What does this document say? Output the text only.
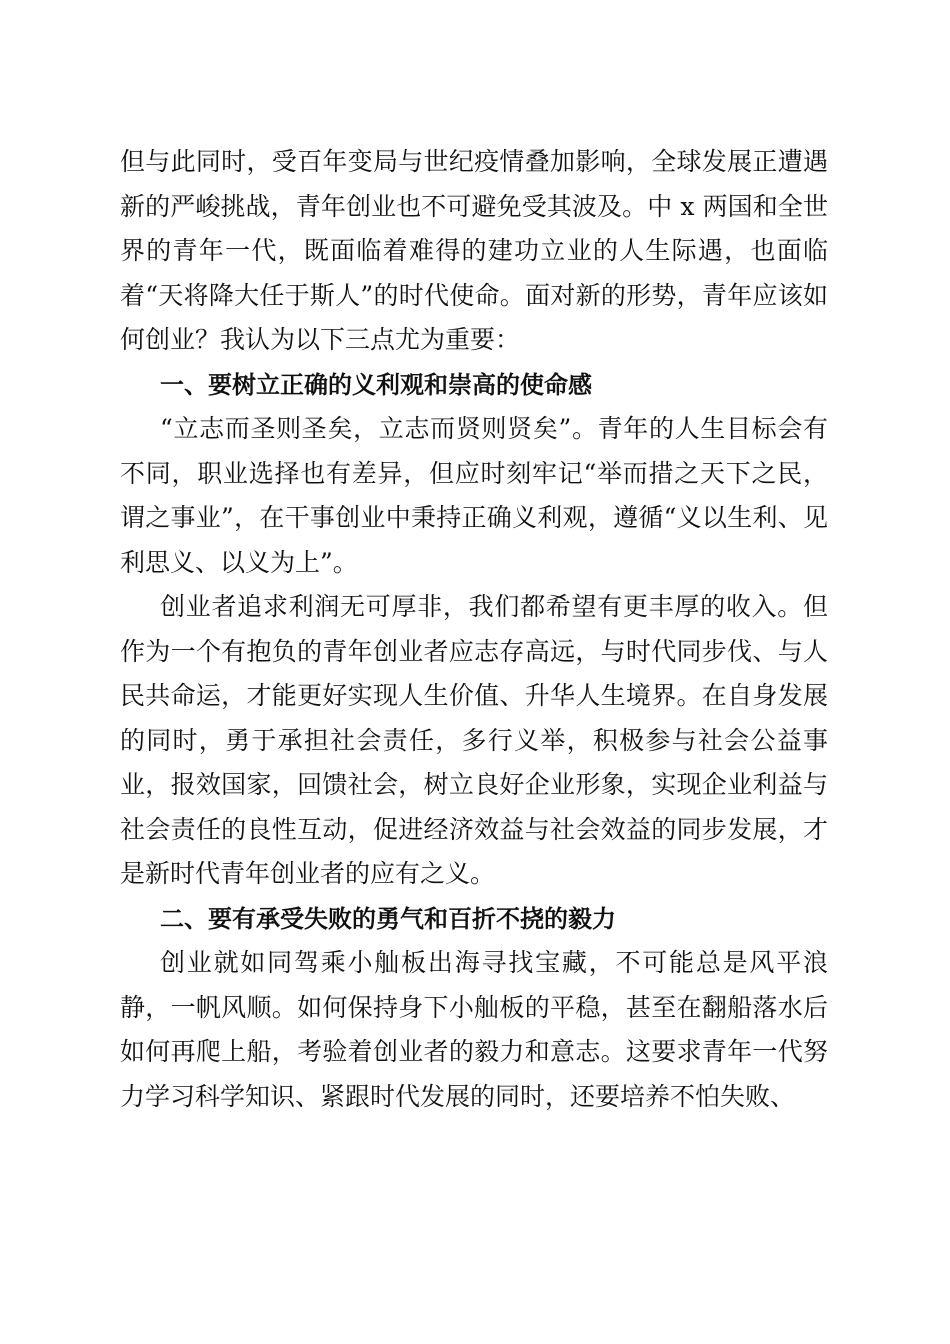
但与此同时，受百年变局与世纪疫情叠加影响，全球发展正遭遇新的严峻挑战，青年创业也不可避免受其波及。中 x 两国和全世界的青年一代，既面临着难得的建功立业的人生际遇，也面临着“天将降大任于斯人”的时代使命。面对新的形势，青年应该如何创业？我认为以下三点尤为重要：

一、要树立正确的义利观和崇高的使命感

“立志而圣则圣矣，立志而贤则贤矣”。青年的人生目标会有不同，职业选择也有差异，但应时刻牢记“举而措之天下之民，谓之事业”，在干事创业中秉持正确义利观，遵循“义以生利、见利思义、以义为上”。

创业者追求利润无可厚非，我们都希望有更丰厚的收入。但作为一个有抱负的青年创业者应志存高远，与时代同步伐、与人民共命运，才能更好实现人生价值、升华人生境界。在自身发展的同时，勇于承担社会责任，多行义举，积极参与社会公益事业，报效国家，回馈社会，树立良好企业形象，实现企业利益与社会责任的良性互动，促进经济效益与社会效益的同步发展，才是新时代青年创业者的应有之义。

二、要有承受失败的勇气和百折不挠的毅力

创业就如同驾乘小舢板出海寻找宝藏，不可能总是风平浪静，一帆风顺。如何保持身下小舢板的平稳，甚至在翻船落水后如何再爬上船，考验着创业者的毅力和意志。这要求青年一代努力学习科学知识、紧跟时代发展的同时，还要培养不怕失败、
